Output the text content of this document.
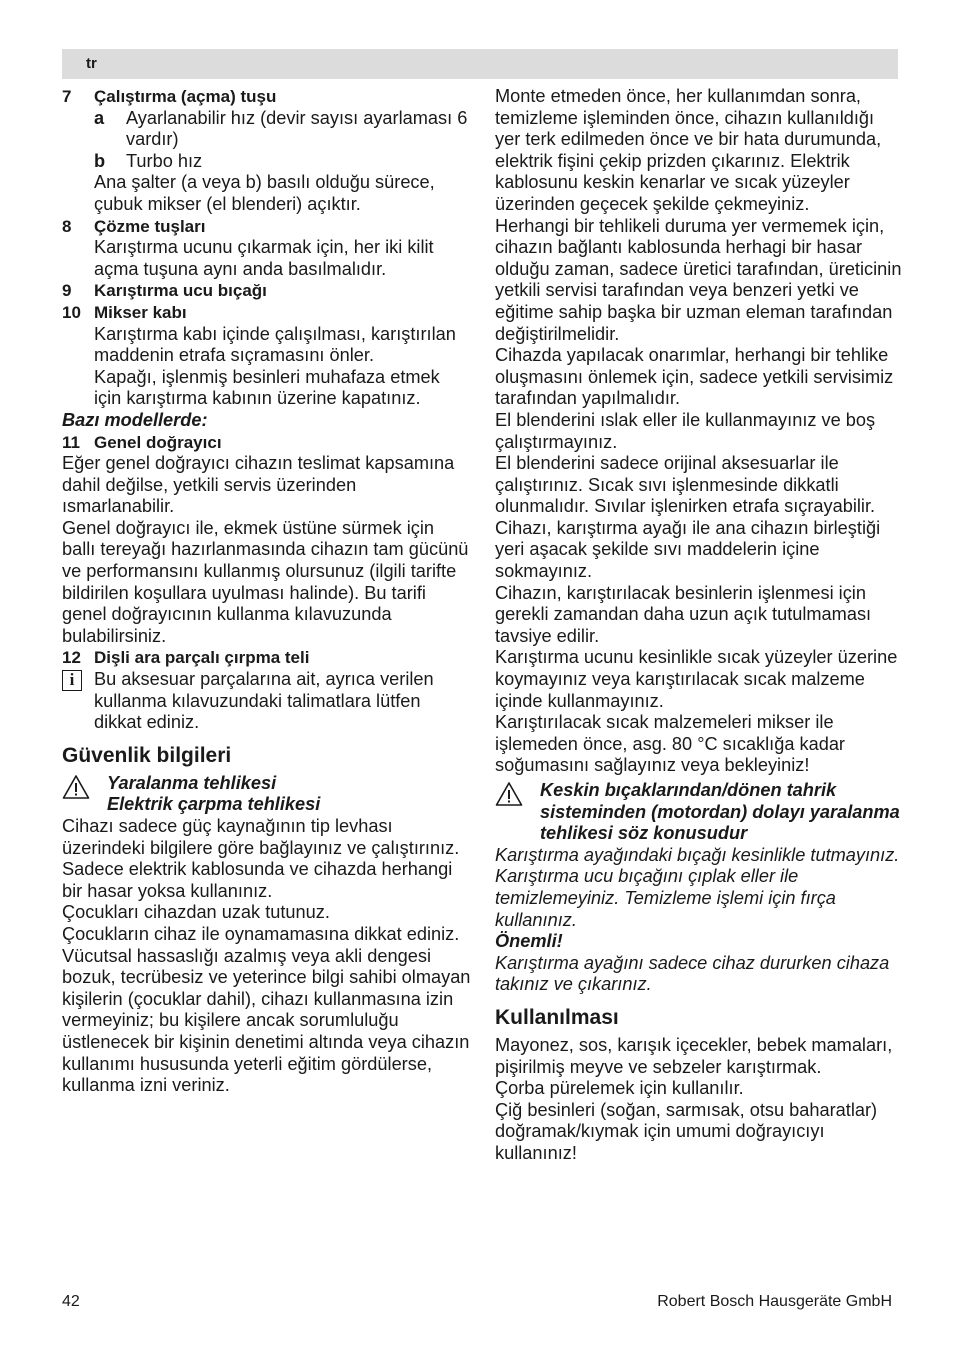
tr
7	Çalıştırma (açma) tuşu
a	Ayarlanabilir hız (devir sayısı ayarlaması 6 vardır)
b	Turbo hız

Ana şalter (a veya b) basılı olduğu sürece, çubuk mikser (el blenderi) açıktır.

8	Çözme tuşları

Karıştırma ucunu çıkarmak için, her iki kilit açma tuşuna aynı anda basılmalıdır.

9	Karıştırma ucu bıçağı
10 Mikser kabı

Karıştırma kabı içinde çalışılması, karıştırılan maddenin etrafa sıçramasını önler.

Kapağı, işlenmiş besinleri muhafaza etmek için karıştırma kabının üzerine kapatınız.

Bazı modellerde:

11 Genel doğrayıcı

Eğer genel doğrayıcı cihazın teslimat kapsamına dahil değilse, yetkili servis üzerinden ısmarlanabilir.

Genel doğrayıcı ile, ekmek üstüne sürmek için ballı tereyağı hazırlanmasında cihazın tam gücünü ve performansını kullanmış olursunuz (ilgili tarifte bildirilen koşullara uyulması halinde). Bu tarifi genel doğrayıcının kullanma kılavuzunda bulabilirsiniz.

12 Dişli ara parçalı çırpma teli
i	Bu aksesuar parçalarına ait, ayrıca verilen kullanma kılavuzundaki talimatlara lütfen dikkat ediniz.

Güvenlik bilgileri

Yaralanma tehlikesi

Elektrik çarpma tehlikesi

Cihazı sadece güç kaynağının tip levhası üzerindeki bilgilere göre bağlayınız ve çalıştırınız.

Sadece elektrik kablosunda ve cihazda herhangi bir hasar yoksa kullanınız.

Çocukları cihazdan uzak tutunuz.

Çocukların cihaz ile oynamamasına dikkat ediniz.

Vücutsal hassaslığı azalmış veya akli dengesi bozuk, tecrübesiz ve yeterince bilgi sahibi olmayan kişilerin (çocuklar dahil), cihazı kullanmasına izin vermeyiniz; bu kişilere ancak sorumluluğu üstlenecek bir kişinin denetimi altında veya cihazın kullanımı hususunda yeterli eğitim gördülerse, kullanma izni veriniz.

Monte etmeden önce, her kullanımdan sonra, temizleme işleminden önce, cihazın kullanıldığı yer terk edilmeden önce ve bir hata durumunda, elektrik fişini çekip prizden çıkarınız. Elektrik kablosunu keskin kenarlar ve sıcak yüzeyler üzerinden geçecek şekilde çekmeyiniz.

Herhangi bir tehlikeli duruma yer vermemek için, cihazın bağlantı kablosunda herhagi bir hasar olduğu zaman, sadece üretici tarafından, üreticinin yetkili servisi tarafından veya benzeri yetki ve eğitime sahip başka bir uzman eleman tarafından değiştirilmelidir.

Cihazda yapılacak onarımlar, herhangi bir tehlike oluşmasını önlemek için, sadece yetkili servisimiz tarafından yapılmalıdır.

El blenderini ıslak eller ile kullanmayınız ve boş çalıştırmayınız.

El blenderini sadece orijinal aksesuarlar ile çalıştırınız. Sıcak sıvı işlenmesinde dikkatli olunmalıdır. Sıvılar işlenirken etrafa sıçrayabilir.

Cihazı, karıştırma ayağı ile ana cihazın birleştiği yeri aşacak şekilde sıvı maddelerin içine sokmayınız.

Cihazın, karıştırılacak besinlerin işlenmesi için gerekli zamandan daha uzun açık tutulmaması tavsiye edilir.

Karıştırma ucunu kesinlikle sıcak yüzeyler üzerine koymayınız veya karıştırılacak sıcak malzeme içinde kullanmayınız.

Karıştırılacak sıcak malzemeleri mikser ile işlemeden önce, asg. 80 °C sıcaklığa kadar soğumasını sağlayınız veya bekleyiniz!

Keskin bıçaklarından/dönen tahrik sisteminden (motordan) dolayı yaralanma tehlikesi söz konusudur

Karıştırma ayağındaki bıçağı kesinlikle tutmayınız. Karıştırma ucu bıçağını çıplak eller ile temizlemeyiniz. Temizleme işlemi için fırça kullanınız.

Önemli!

Karıştırma ayağını sadece cihaz dururken cihaza takınız ve çıkarınız.

Kullanılması

Mayonez, sos, karışık içecekler, bebek mamaları, pişirilmiş meyve ve sebzeler karıştırmak.

Çorba pürelemek için kullanılır.

Çiğ besinleri (soğan, sarmısak, otsu baharatlar) doğramak/kıymak için umumi doğrayıcıyı kullanınız!

42	Robert Bosch Hausgeräte GmbH
